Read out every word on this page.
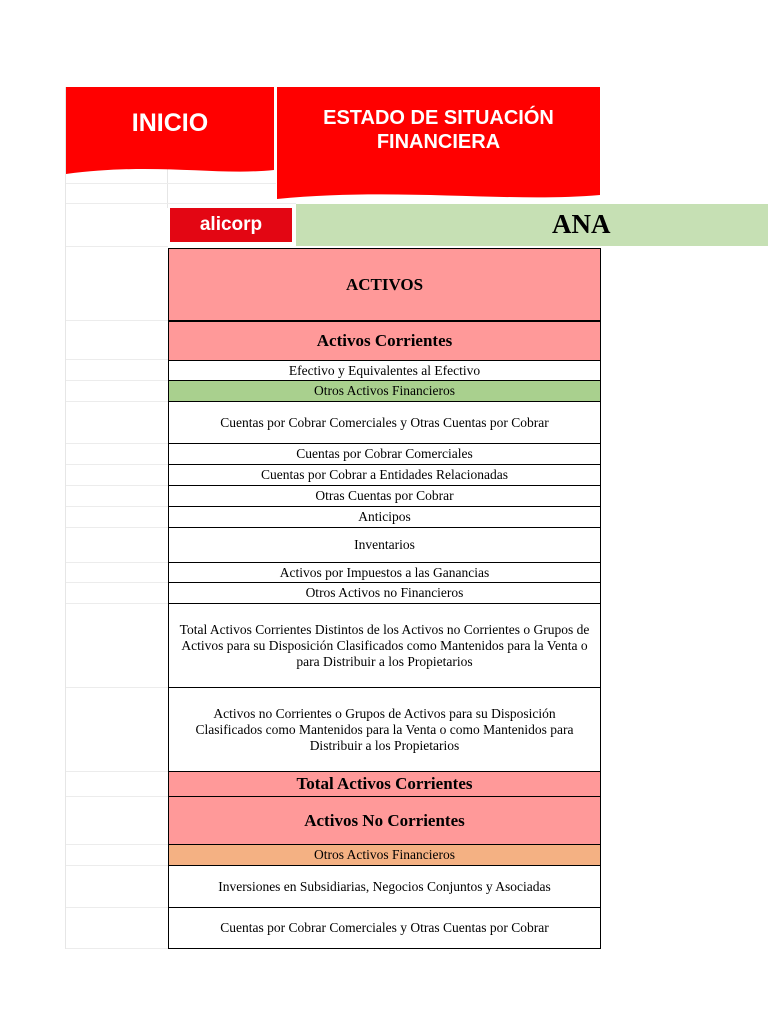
INICIO	ESTADO DE SITUACIÓN
FINANCIERA
alicorp	ANA
ACTIVOS
Activos Corrientes
Efectivo y Equivalentes al Efectivo
Otros Activos Financieros
Cuentas por Cobrar Comerciales y Otras Cuentas por Cobrar
Cuentas por Cobrar Comerciales
Cuentas por Cobrar a Entidades Relacionadas
Otras Cuentas por Cobrar
Anticipos
Inventarios
Activos por Impuestos a las Ganancias
Otros Activos no Financieros
Total Activos Corrientes Distintos de los Activos no Corrientes o Grupos de Activos para su Disposición Clasificados como Mantenidos para la Venta o para Distribuir a los Propietarios
Activos no Corrientes o Grupos de Activos para su Disposición Clasificados como Mantenidos para la Venta o como Mantenidos para Distribuir a los Propietarios
Total Activos Corrientes
Activos No Corrientes
Otros Activos Financieros
Inversiones en Subsidiarias, Negocios Conjuntos y Asociadas
Cuentas por Cobrar Comerciales y Otras Cuentas por Cobrar
